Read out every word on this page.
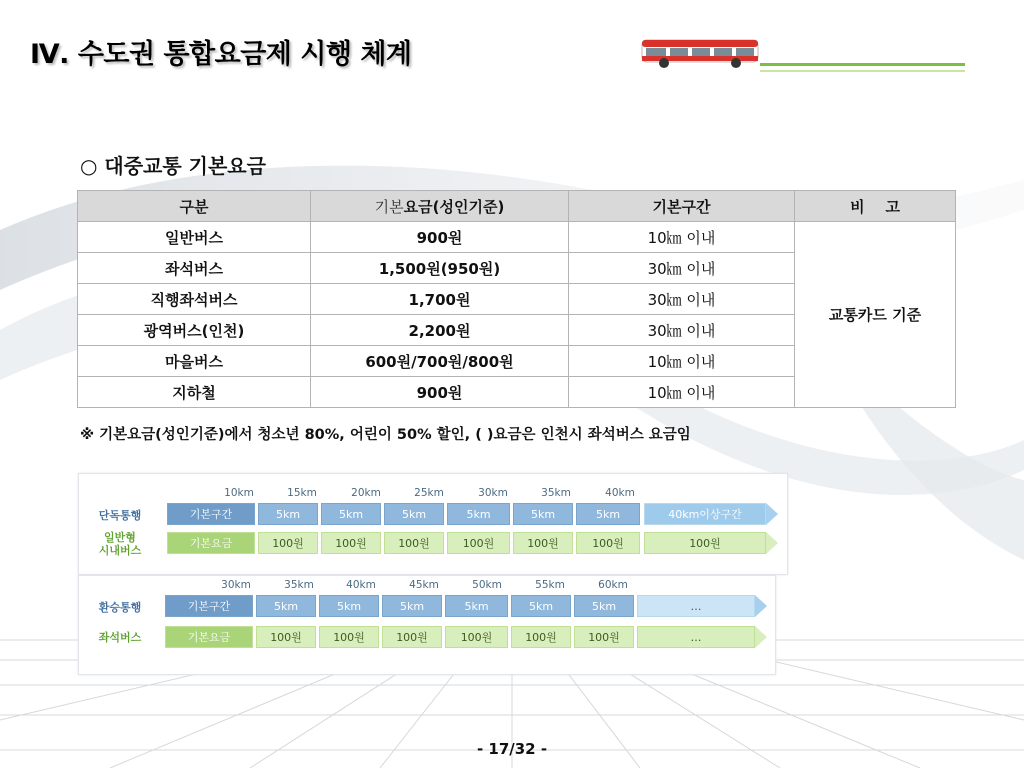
Ⅳ. 수도권 통합요금제 시행 체계
○ 대중교통 기본요금
구분	기본요금(성인기준)	기본구간	비    고
일반버스	900원	10㎞ 이내	교통카드 기준
좌석버스	1,500원(950원)	30㎞ 이내	
직행좌석버스	1,700원	30㎞ 이내	
광역버스(인천)	2,200원	30㎞ 이내	
마을버스	600원/700원/800원	10㎞ 이내	
지하철	900원	10㎞ 이내	
※ 기본요금(성인기준)에서 청소년 80%, 어린이 50% 할인, ( )요금은 인천시 좌석버스 요금임
10km	15km	20km	25km	30km	35km	40km
단독통행
일반형
시내버스
기본구간	5km	5km	5km	5km	5km	5km	40km이상구간
기본요금	100원	100원	100원	100원	100원	100원	100원
30km	35km	40km	45km	50km	55km	60km
환승통행
좌석버스
기본구간	5km	5km	5km	5km	5km	5km	…
기본요금	100원	100원	100원	100원	100원	100원	…
- 17/32 -
